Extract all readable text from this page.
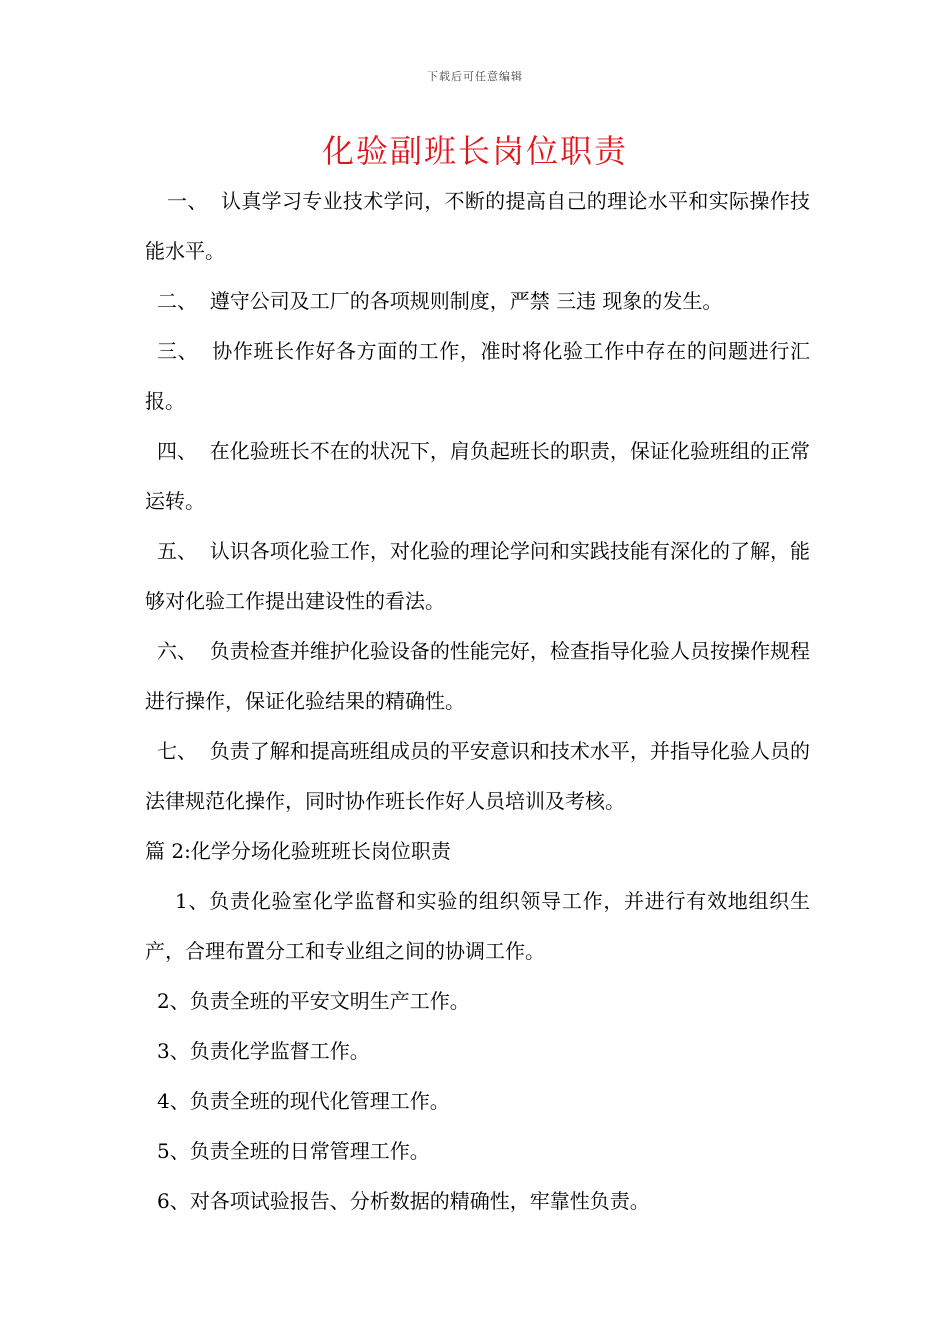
下载后可任意编辑
化验副班长岗位职责

一、  认真学习专业技术学问，不断的提高自己的理论水平和实际操作技能水平。

二、  遵守公司及工厂的各项规则制度，严禁 三违 现象的发生。

三、  协作班长作好各方面的工作，准时将化验工作中存在的问题进行汇报。

四、  在化验班长不在的状况下，肩负起班长的职责，保证化验班组的正常运转。

五、  认识各项化验工作，对化验的理论学问和实践技能有深化的了解，能够对化验工作提出建设性的看法。

六、  负责检查并维护化验设备的性能完好，检查指导化验人员按操作规程进行操作，保证化验结果的精确性。

七、  负责了解和提高班组成员的平安意识和技术水平，并指导化验人员的法律规范化操作，同时协作班长作好人员培训及考核。

篇 2:化学分场化验班班长岗位职责

1、负责化验室化学监督和实验的组织领导工作，并进行有效地组织生产，合理布置分工和专业组之间的协调工作。

2、负责全班的平安文明生产工作。

3、负责化学监督工作。

4、负责全班的现代化管理工作。

5、负责全班的日常管理工作。

6、对各项试验报告、分析数据的精确性，牢靠性负责。
